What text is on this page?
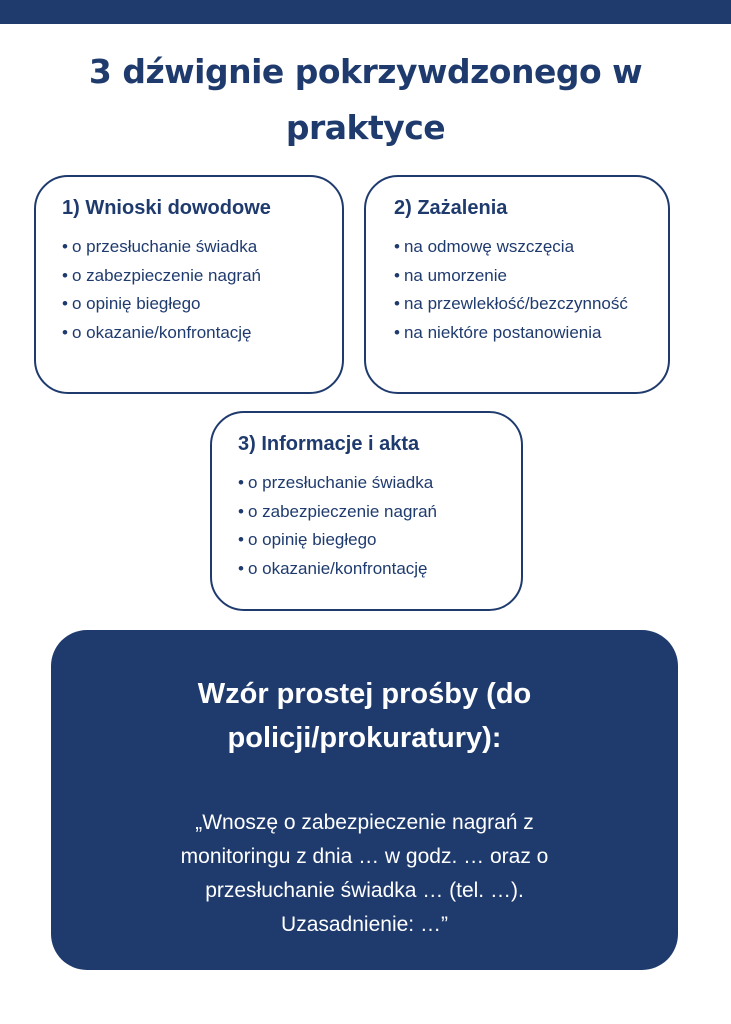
3 dźwignie pokrzywdzonego w
praktyce
1) Wnioski dowodowe
• o przesłuchanie świadka
• o zabezpieczenie nagrań
• o opinię biegłego
• o okazanie/konfrontację
2) Zażalenia
• na odmowę wszczęcia
• na umorzenie
• na przewlekłość/bezczynność
• na niektóre postanowienia
3) Informacje i akta
• o przesłuchanie świadka
• o zabezpieczenie nagrań
• o opinię biegłego
• o okazanie/konfrontację
Wzór prostej prośby (do
policji/prokuratury):
„Wnoszę o zabezpieczenie nagrań z
monitoringu z dnia … w godz. … oraz o
przesłuchanie świadka … (tel. …).
Uzasadnienie: …”
